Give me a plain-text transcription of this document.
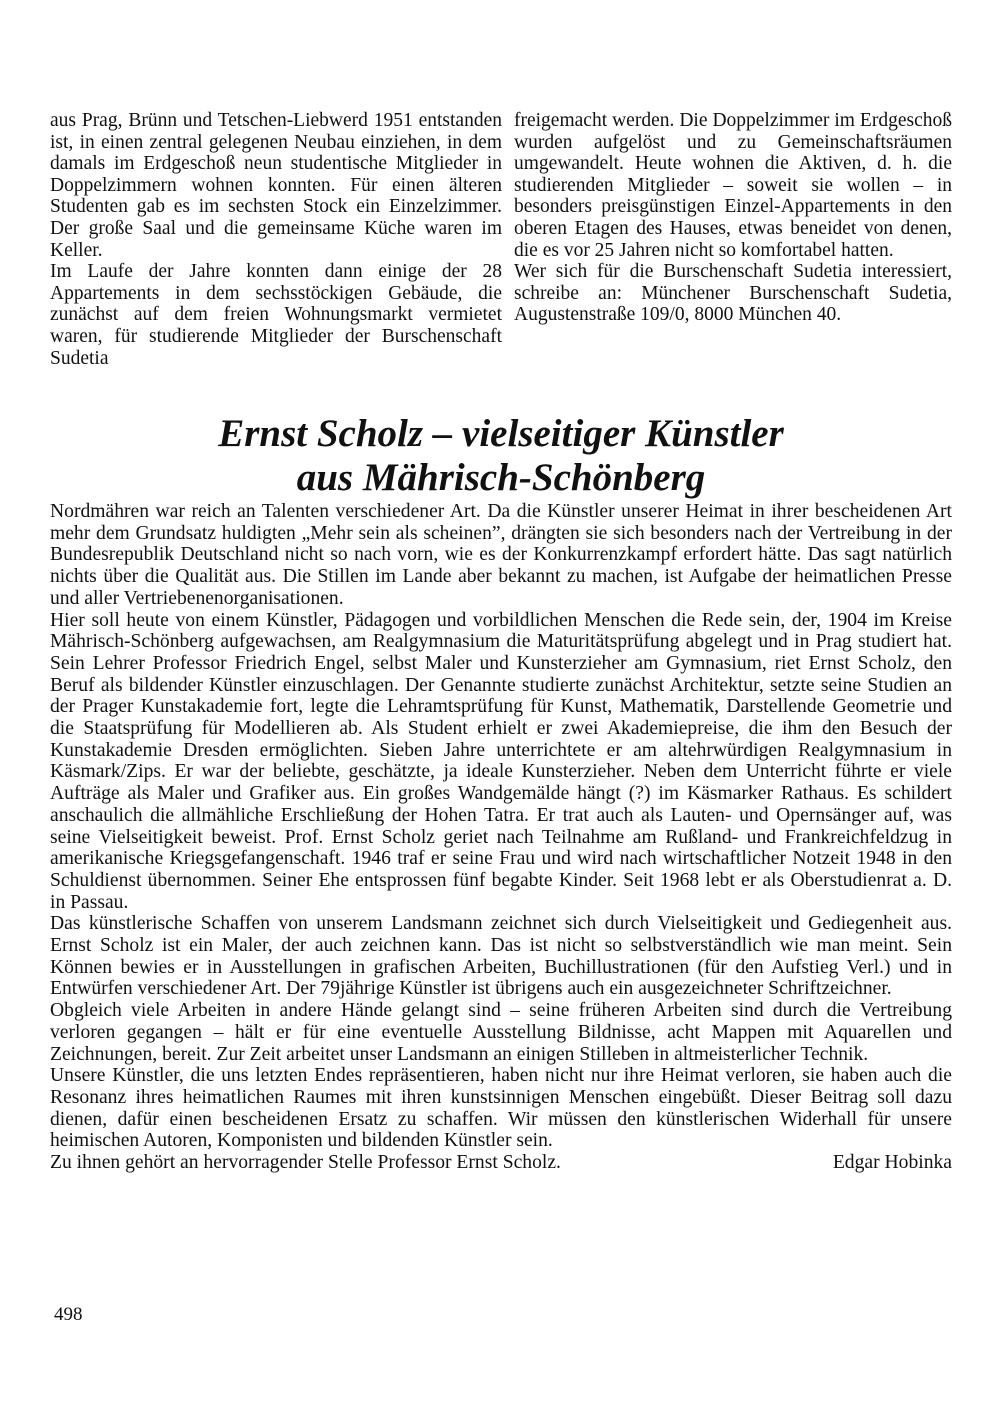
aus Prag, Brünn und Tetschen-Liebwerd 1951 entstanden ist, in einen zentral gelegenen Neubau einziehen, in dem damals im Erdgeschoß neun studentische Mitglieder in Doppelzimmern wohnen konnten. Für einen älteren Studenten gab es im sechsten Stock ein Einzelzimmer. Der große Saal und die gemeinsame Küche waren im Keller.

Im Laufe der Jahre konnten dann einige der 28 Appartements in dem sechsstöckigen Gebäude, die zunächst auf dem freien Wohnungsmarkt vermietet waren, für studierende Mitglieder der Burschenschaft Sudetia

freigemacht werden. Die Doppelzimmer im Erdgeschoß wurden aufgelöst und zu Gemeinschaftsräumen umgewandelt. Heute wohnen die Aktiven, d. h. die studierenden Mitglieder – soweit sie wollen – in besonders preisgünstigen Einzel-Appartements in den oberen Etagen des Hauses, etwas beneidet von denen, die es vor 25 Jahren nicht so komfortabel hatten.

Wer sich für die Burschenschaft Sudetia interessiert, schreibe an: Münchener Burschenschaft Sudetia, Augustenstraße 109/0, 8000 München 40.

Ernst Scholz – vielseitiger Künstler
aus Mährisch-Schönberg

Nordmähren war reich an Talenten verschiedener Art. Da die Künstler unserer Heimat in ihrer bescheidenen Art mehr dem Grundsatz huldigten „Mehr sein als scheinen”, drängten sie sich besonders nach der Vertreibung in der Bundesrepublik Deutschland nicht so nach vorn, wie es der Konkurrenzkampf erfordert hätte. Das sagt natürlich nichts über die Qualität aus. Die Stillen im Lande aber bekannt zu machen, ist Aufgabe der heimatlichen Presse und aller Vertriebenenorganisationen.

Hier soll heute von einem Künstler, Pädagogen und vorbildlichen Menschen die Rede sein, der, 1904 im Kreise Mährisch-Schönberg aufgewachsen, am Realgymnasium die Maturitätsprüfung abgelegt und in Prag studiert hat. Sein Lehrer Professor Friedrich Engel, selbst Maler und Kunsterzieher am Gymnasium, riet Ernst Scholz, den Beruf als bildender Künstler einzuschlagen. Der Genannte studierte zunächst Architektur, setzte seine Studien an der Prager Kunstakademie fort, legte die Lehramtsprüfung für Kunst, Mathematik, Darstellende Geometrie und die Staatsprüfung für Modellieren ab. Als Student erhielt er zwei Akademiepreise, die ihm den Besuch der Kunstakademie Dresden ermöglichten. Sieben Jahre unterrichtete er am altehrwürdigen Realgymnasium in Käsmark/Zips. Er war der beliebte, geschätzte, ja ideale Kunsterzieher. Neben dem Unterricht führte er viele Aufträge als Maler und Grafiker aus. Ein großes Wandgemälde hängt (?) im Käsmarker Rathaus. Es schildert anschaulich die allmähliche Erschließung der Hohen Tatra. Er trat auch als Lauten- und Opernsänger auf, was seine Vielseitigkeit beweist. Prof. Ernst Scholz geriet nach Teilnahme am Rußland- und Frankreichfeldzug in amerikanische Kriegsgefangenschaft. 1946 traf er seine Frau und wird nach wirtschaftlicher Notzeit 1948 in den Schuldienst übernommen. Seiner Ehe entsprossen fünf begabte Kinder. Seit 1968 lebt er als Oberstudienrat a. D. in Passau.

Das künstlerische Schaffen von unserem Landsmann zeichnet sich durch Vielseitigkeit und Gediegenheit aus. Ernst Scholz ist ein Maler, der auch zeichnen kann. Das ist nicht so selbstverständlich wie man meint. Sein Können bewies er in Ausstellungen in grafischen Arbeiten, Buchillustrationen (für den Aufstieg Verl.) und in Entwürfen verschiedener Art. Der 79jährige Künstler ist übrigens auch ein ausgezeichneter Schriftzeichner.

Obgleich viele Arbeiten in andere Hände gelangt sind – seine früheren Arbeiten sind durch die Vertreibung verloren gegangen – hält er für eine eventuelle Ausstellung Bildnisse, acht Mappen mit Aquarellen und Zeichnungen, bereit. Zur Zeit arbeitet unser Landsmann an einigen Stilleben in altmeisterlicher Technik.

Unsere Künstler, die uns letzten Endes repräsentieren, haben nicht nur ihre Heimat verloren, sie haben auch die Resonanz ihres heimatlichen Raumes mit ihren kunstsinnigen Menschen eingebüßt. Dieser Beitrag soll dazu dienen, dafür einen bescheidenen Ersatz zu schaffen. Wir müssen den künstlerischen Widerhall für unsere heimischen Autoren, Komponisten und bildenden Künstler sein.

Zu ihnen gehört an hervorragender Stelle Professor Ernst Scholz.	Edgar Hobinka
498
